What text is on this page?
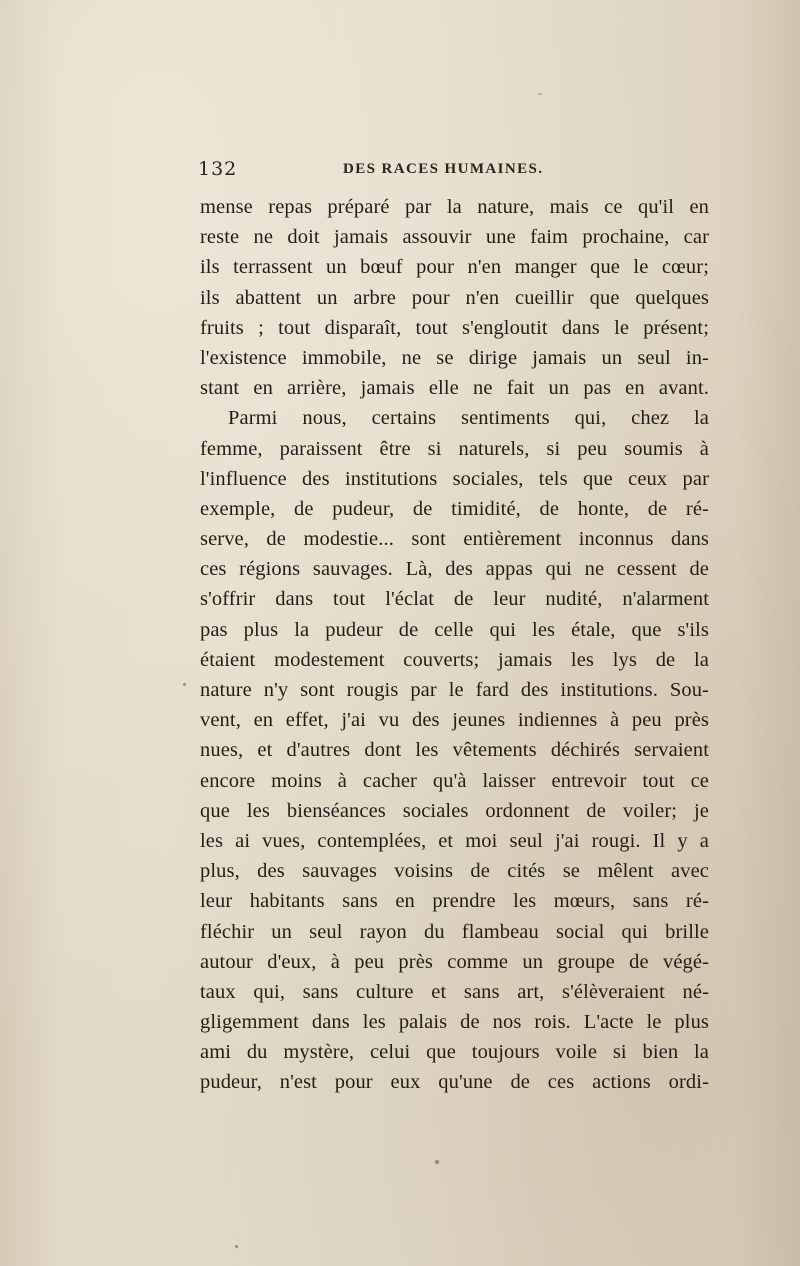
132	DES RACES HUMAINES.
mense repas préparé par la nature, mais ce qu'il en
reste ne doit jamais assouvir une faim prochaine, car
ils terrassent un bœuf pour n'en manger que le cœur;
ils abattent un arbre pour n'en cueillir que quelques
fruits ; tout disparaît, tout s'engloutit dans le présent;
l'existence immobile, ne se dirige jamais un seul in-
stant en arrière, jamais elle ne fait un pas en avant.
Parmi nous, certains sentiments qui, chez la
femme, paraissent être si naturels, si peu soumis à
l'influence des institutions sociales, tels que ceux par
exemple, de pudeur, de timidité, de honte, de ré-
serve, de modestie... sont entièrement inconnus dans
ces régions sauvages. Là, des appas qui ne cessent de
s'offrir dans tout l'éclat de leur nudité, n'alarment
pas plus la pudeur de celle qui les étale, que s'ils
étaient modestement couverts; jamais les lys de la
nature n'y sont rougis par le fard des institutions. Sou-
vent, en effet, j'ai vu des jeunes indiennes à peu près
nues, et d'autres dont les vêtements déchirés servaient
encore moins à cacher qu'à laisser entrevoir tout ce
que les bienséances sociales ordonnent de voiler; je
les ai vues, contemplées, et moi seul j'ai rougi. Il y a
plus, des sauvages voisins de cités se mêlent avec
leur habitants sans en prendre les mœurs, sans ré-
fléchir un seul rayon du flambeau social qui brille
autour d'eux, à peu près comme un groupe de végé-
taux qui, sans culture et sans art, s'élèveraient né-
gligemment dans les palais de nos rois. L'acte le plus
ami du mystère, celui que toujours voile si bien la
pudeur, n'est pour eux qu'une de ces actions ordi-
